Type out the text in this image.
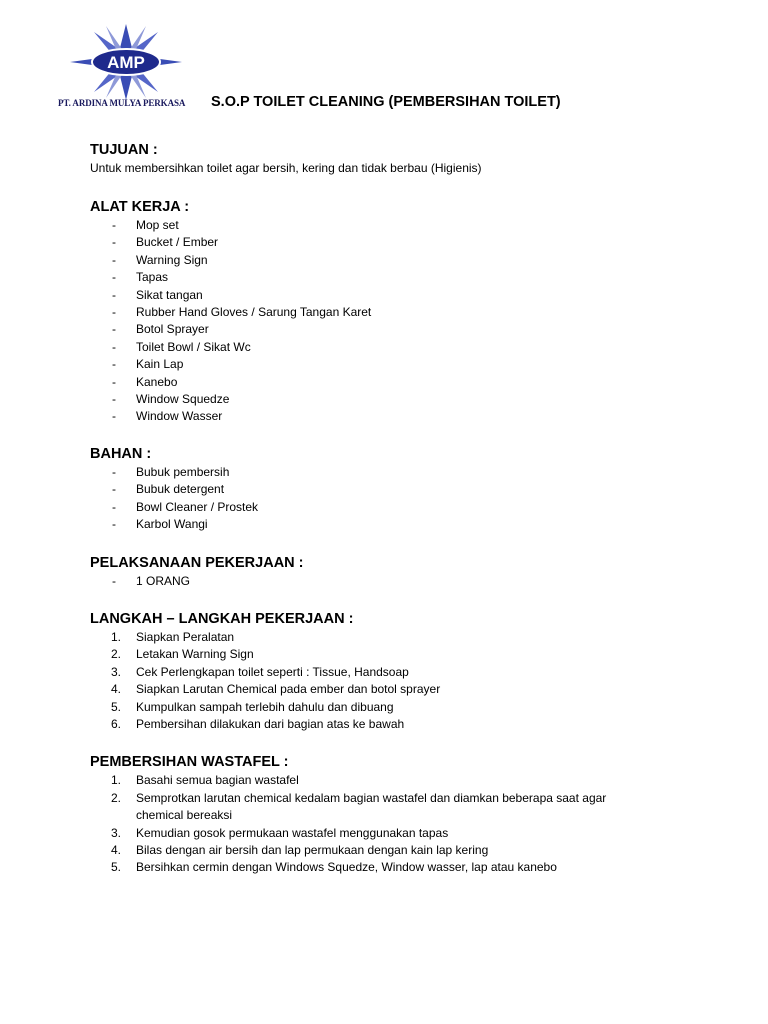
AMP
PT. ARDINA MULYA PERKASA S.O.P TOILET CLEANING (PEMBERSIHAN TOILET)

TUJUAN :

Untuk membersihkan toilet agar bersih, kering dan tidak berbau (Higienis)

ALAT KERJA :

- Mop set
- Bucket / Ember
- Warning Sign
- Tapas
- Sikat tangan
- Rubber Hand Gloves / Sarung Tangan Karet
- Botol Sprayer
- Toilet Bowl / Sikat Wc
- Kain Lap
- Kanebo
- Window Squedze
- Window Wasser

BAHAN :

- Bubuk pembersih
- Bubuk detergent
- Bowl Cleaner / Prostek
- Karbol Wangi

PELAKSANAAN PEKERJAAN :

- 1 ORANG

LANGKAH – LANGKAH PEKERJAAN :

1. Siapkan Peralatan
2. Letakan Warning Sign
3. Cek Perlengkapan toilet seperti : Tissue, Handsoap
4. Siapkan Larutan Chemical pada ember dan botol sprayer
5. Kumpulkan sampah terlebih dahulu dan dibuang
6. Pembersihan dilakukan dari bagian atas ke bawah

PEMBERSIHAN WASTAFEL :

1. Basahi semua bagian wastafel
2. Semprotkan larutan chemical kedalam bagian wastafel dan diamkan beberapa saat agar chemical bereaksi
3. Kemudian gosok permukaan wastafel menggunakan tapas
4. Bilas dengan air bersih dan lap permukaan dengan kain lap kering
5. Bersihkan cermin dengan Windows Squedze, Window wasser, lap atau kanebo
